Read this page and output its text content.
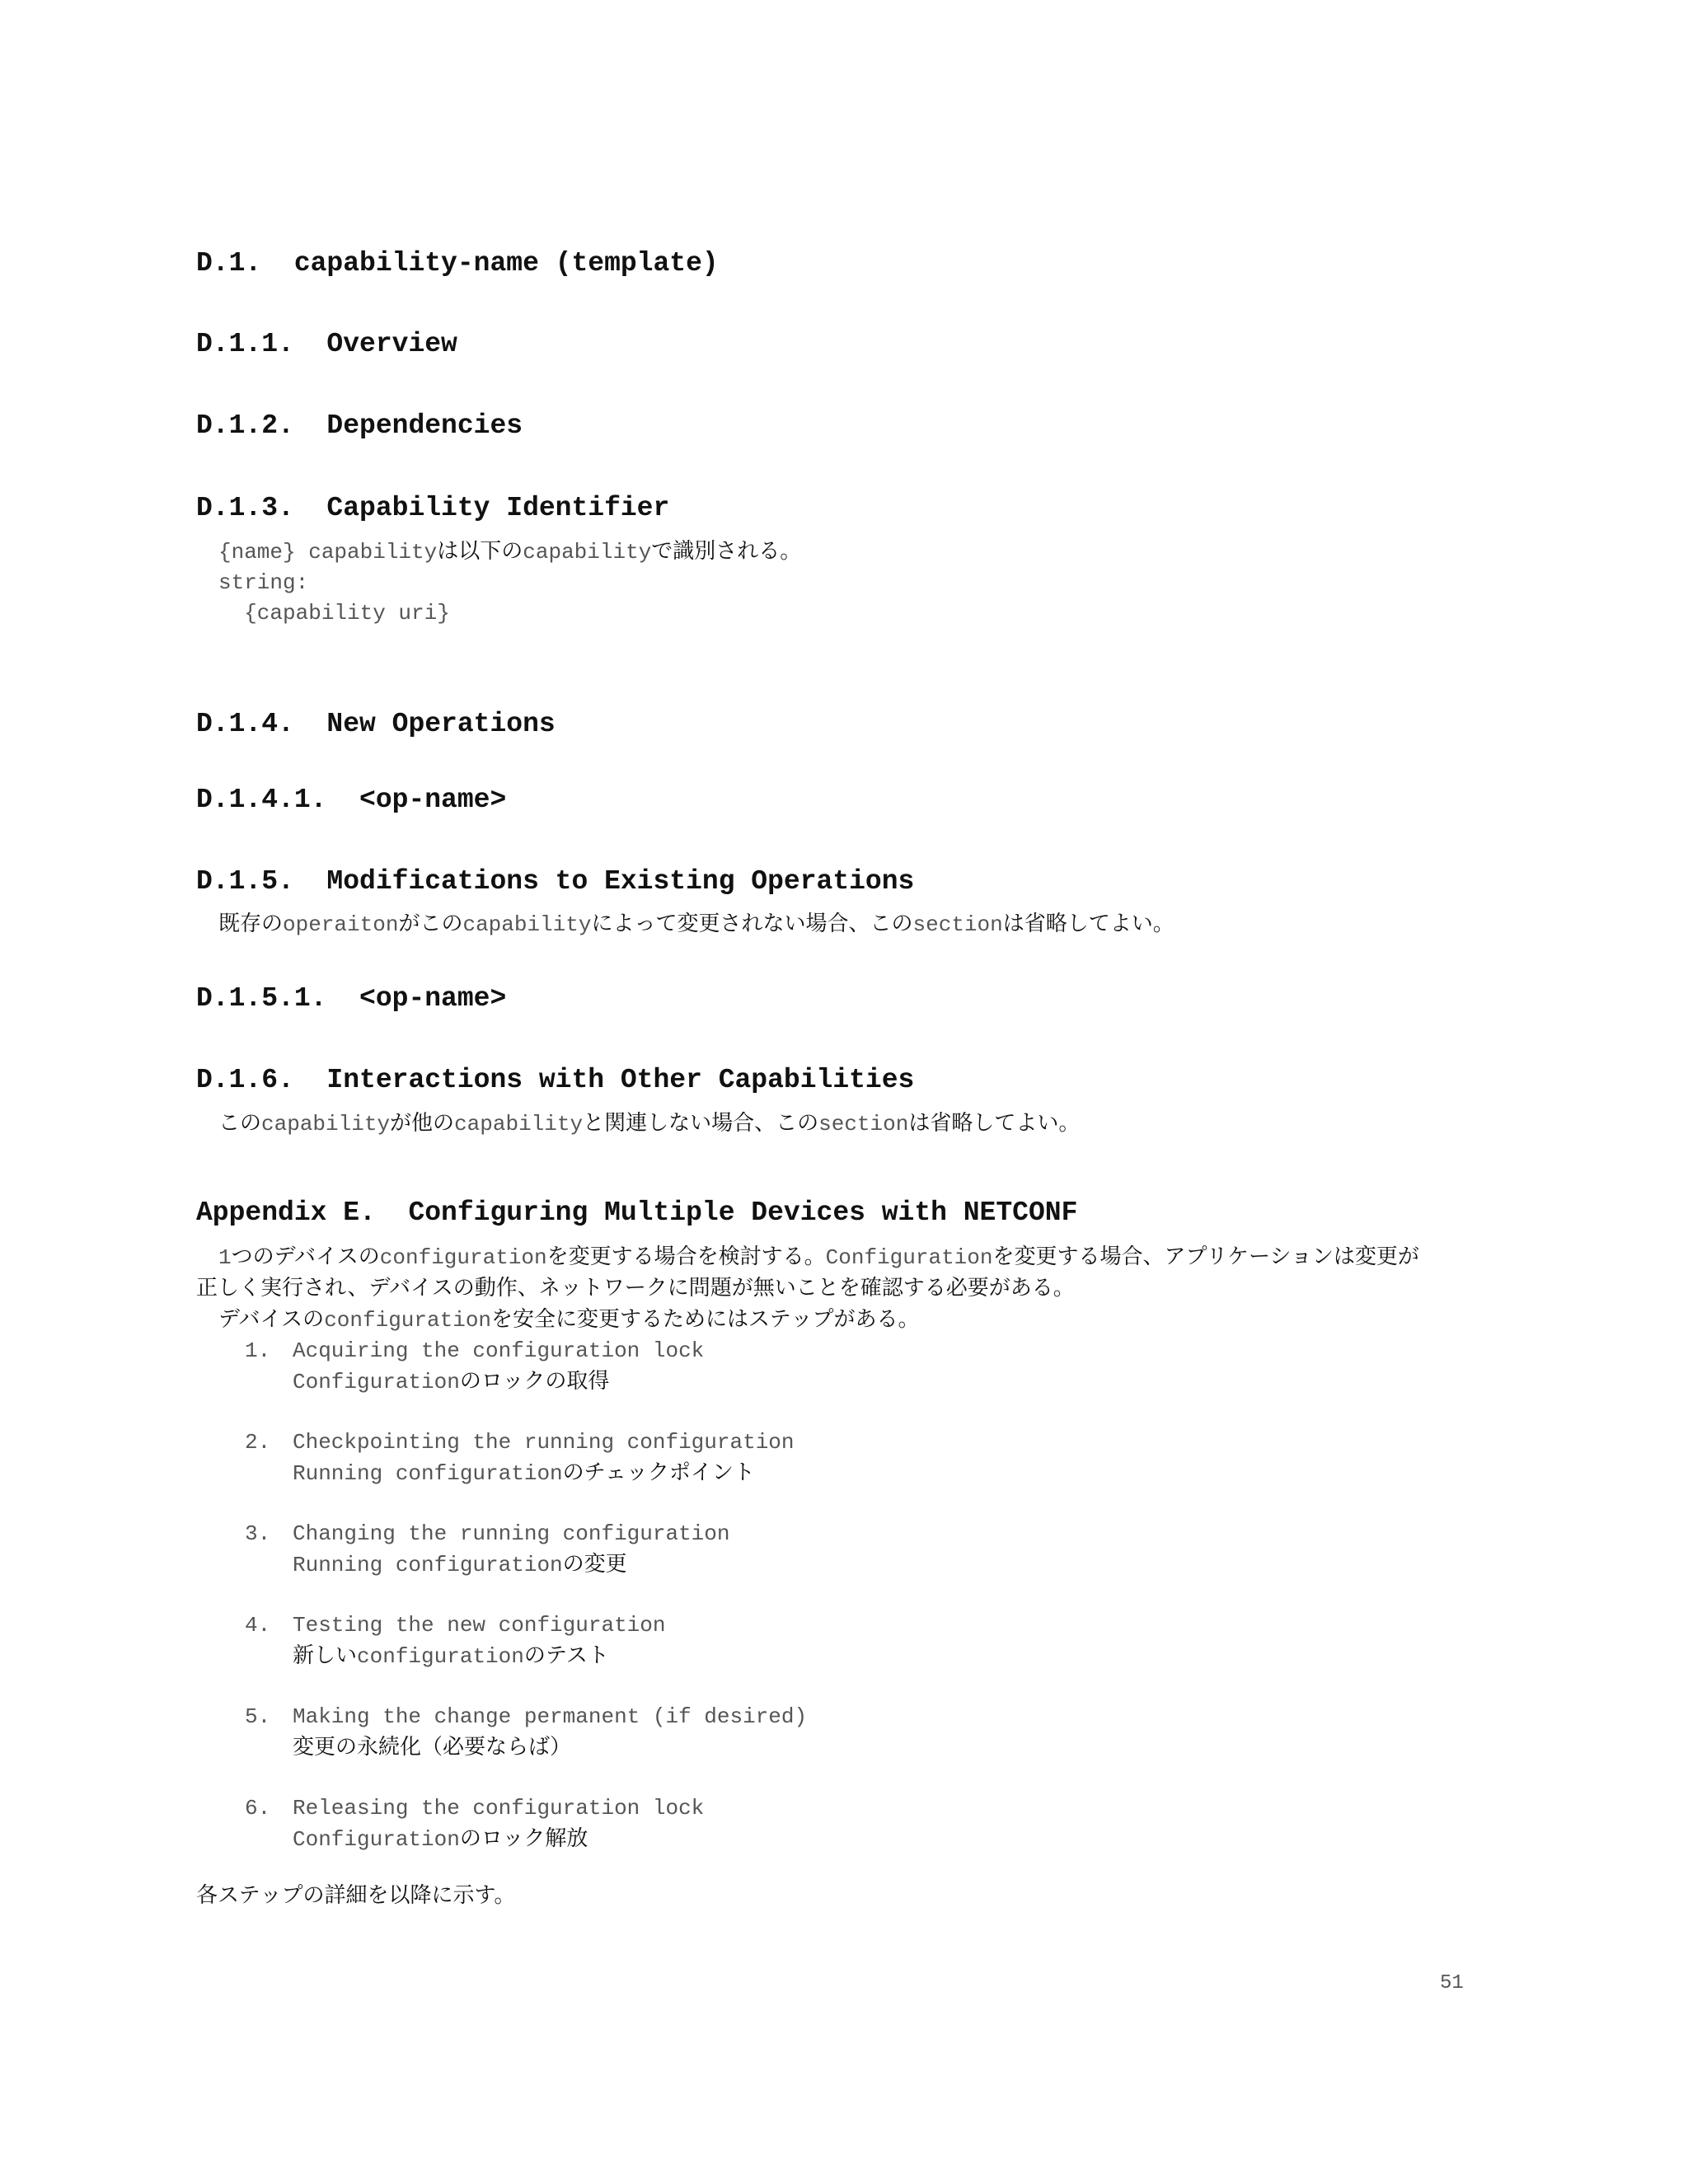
D.1.  capability-name (template)
D.1.1.  Overview
D.1.2.  Dependencies
D.1.3.  Capability Identifier

{name} capabilityは以下のcapabilityで識別される。

string:

{capability uri}

D.1.4.  New Operations
D.1.4.1.  <op-name>
D.1.5.  Modifications to Existing Operations

既存のoperaitonがこのcapabilityによって変更されない場合、このsectionは省略してよい。

D.1.5.1.  <op-name>
D.1.6.  Interactions with Other Capabilities

このcapabilityが他のcapabilityと関連しない場合、このsectionは省略してよい。

Appendix E.  Configuring Multiple Devices with NETCONF

1つのデバイスのconfigurationを変更する場合を検討する。Configurationを変更する場合、アプリケーションは変更が

正しく実行され、デバイスの動作、ネットワークに問題が無いことを確認する必要がある。

デバイスのconfigurationを安全に変更するためにはステップがある。

1. Acquiring the configuration lock
Configurationのロックの取得
2. Checkpointing the running configuration
Running configurationのチェックポイント
3. Changing the running configuration
Running configurationの変更
4. Testing the new configuration
新しいconfigurationのテスト
5. Making the change permanent (if desired)
変更の永続化（必要ならば）
6. Releasing the configuration lock
Configurationのロック解放

各ステップの詳細を以降に示す。

51
